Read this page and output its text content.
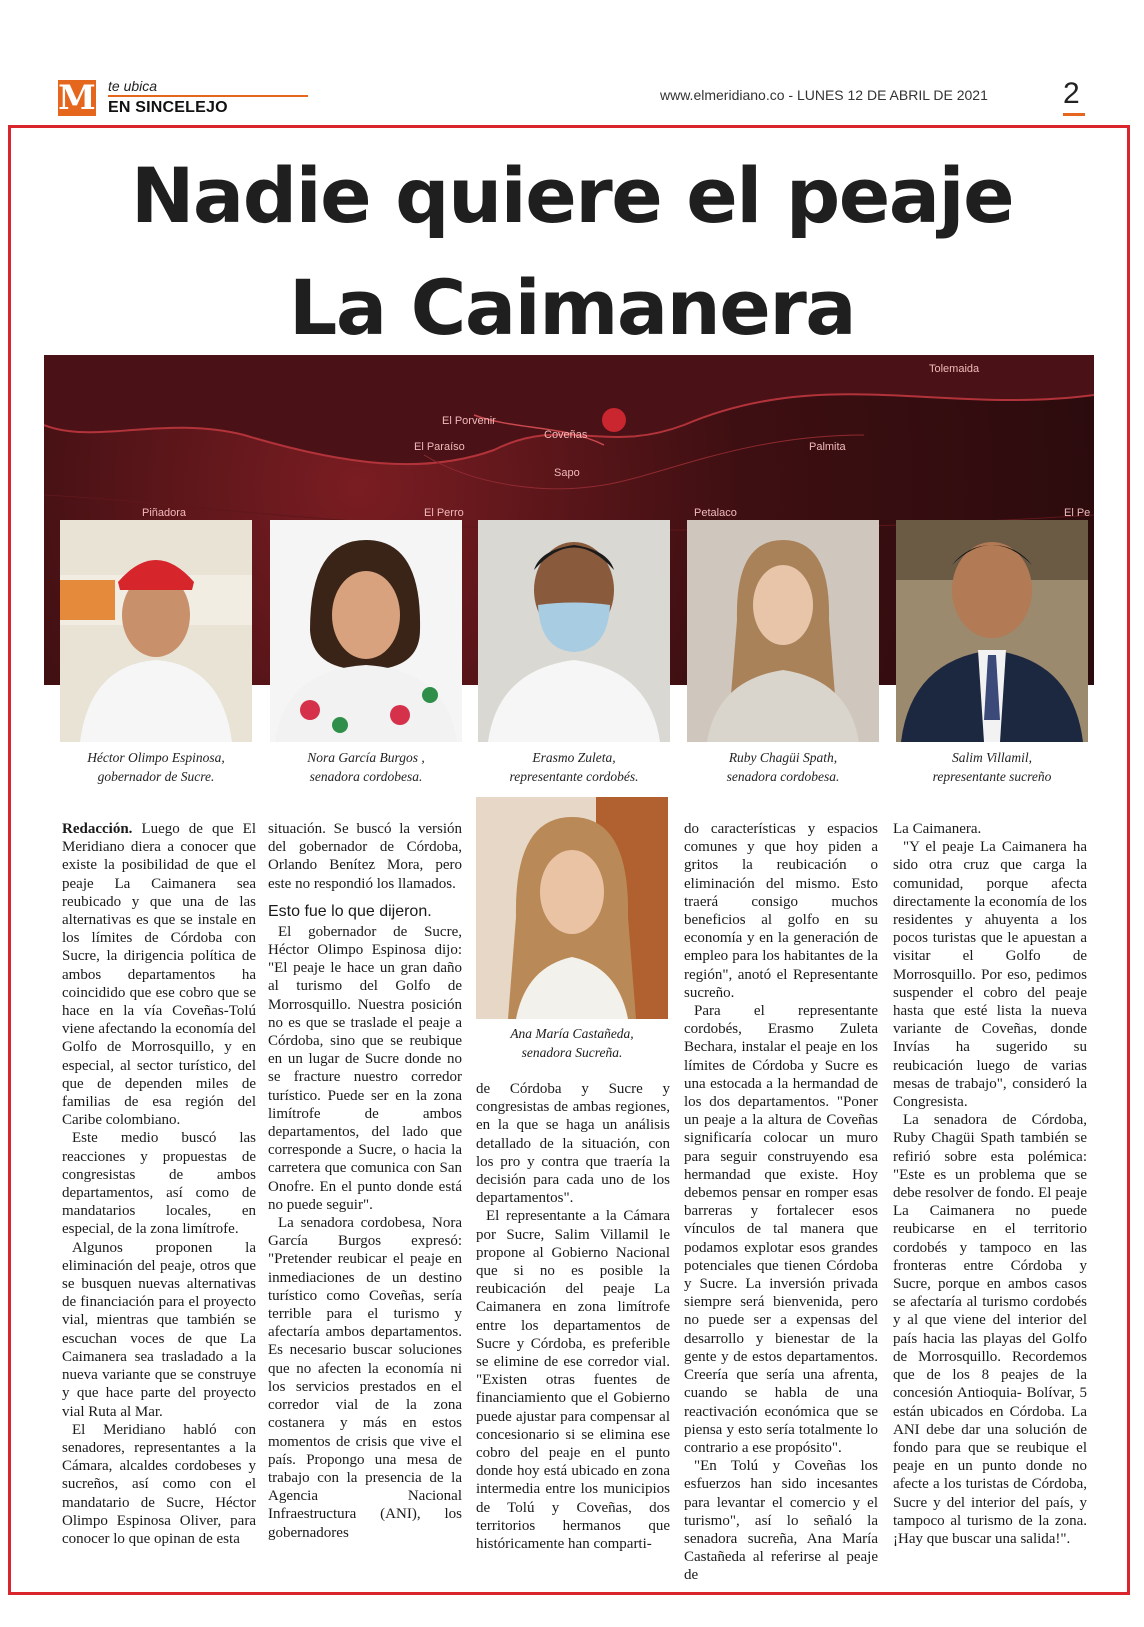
M te ubica
EN SINCELEJO
www.elmeridiano.co - LUNES 12 DE ABRIL DE 2021	2
Nadie quiere el peaje
La Caimanera
Tolemaida
El Porvenir
El Paraíso
Coveñas
Sapo
Palmita
Piñadora	El Perro	Petalaco	El Pe
Héctor Olimpo Espinosa,
gobernador de Sucre.
Nora García Burgos ,
senadora cordobesa.
Erasmo Zuleta,
representante cordobés.
Ruby Chagüi Spath,
senadora cordobesa.
Salim Villamil,
representante sucreño
Ana María Castañeda,
senadora Sucreña.

Redacción. Luego de que El Meridiano diera a conocer que existe la posibilidad de que el peaje La Caimanera sea reubicado y que una de las alternativas es que se instale en los límites de Córdoba con Sucre, la dirigencia política de ambos departamentos ha coincidido que ese cobro que se hace en la vía Coveñas-Tolú viene afectando la economía del Golfo de Morrosquillo, y en especial, al sector turístico, del que de dependen miles de familias de esa región del Caribe colombiano.

Este medio buscó las reacciones y propuestas de congresistas de ambos departamentos, así como de mandatarios locales, en especial, de la zona limítrofe.

Algunos proponen la eliminación del peaje, otros que se busquen nuevas alternativas de financiación para el proyecto vial, mientras que también se escuchan voces de que La Caimanera sea trasladado a la nueva variante que se construye y que hace parte del proyecto vial Ruta al Mar.

El Meridiano habló con senadores, representantes a la Cámara, alcaldes cordobeses y sucreños, así como con el mandatario de Sucre, Héctor Olimpo Espinosa Oliver, para conocer lo que opinan de esta

situación. Se buscó la versión del gobernador de Córdoba, Orlando Benítez Mora, pero este no respondió los llamados.

Esto fue lo que dijeron.

El gobernador de Sucre, Héctor Olimpo Espinosa dijo: "El peaje le hace un gran daño al turismo del Golfo de Morrosquillo. Nuestra posición no es que se traslade el peaje a Córdoba, sino que se reubique en un lugar de Sucre donde no se fracture nuestro corredor turístico. Puede ser en la zona limítrofe de ambos departamentos, del lado que corresponde a Sucre, o hacia la carretera que comunica con San Onofre. En el punto donde está no puede seguir".

La senadora cordobesa, Nora García Burgos expresó: "Pretender reubicar el peaje en inmediaciones de un destino turístico como Coveñas, sería terrible para el turismo y afectaría ambos departamentos. Es necesario buscar soluciones que no afecten la economía ni los servicios prestados en el corredor vial de la zona costanera y más en estos momentos de crisis que vive el país. Propongo una mesa de trabajo con la presencia de la Agencia Nacional Infraestructura (ANI), los gobernadores

de Córdoba y Sucre y congresistas de ambas regiones, en la que se haga un análisis detallado de la situación, con los pro y contra que traería la decisión para cada uno de los departamentos".

El representante a la Cámara por Sucre, Salim Villamil le propone al Gobierno Nacional que si no es posible la reubicación del peaje La Caimanera en zona limítrofe entre los departamentos de Sucre y Córdoba, es preferible se elimine de ese corredor vial. "Existen otras fuentes de financiamiento que el Gobierno puede ajustar para compensar al concesionario si se elimina ese cobro del peaje en el punto donde hoy está ubicado en zona intermedia entre los municipios de Tolú y Coveñas, dos territorios hermanos que históricamente han comparti-

do características y espacios comunes y que hoy piden a gritos la reubicación o eliminación del mismo. Esto traerá consigo muchos beneficios al golfo en su economía y en la generación de empleo para los habitantes de la región", anotó el Representante sucreño.

Para el representante cordobés, Erasmo Zuleta Bechara, instalar el peaje en los límites de Córdoba y Sucre es una estocada a la hermandad de los dos departamentos. "Poner un peaje a la altura de Coveñas significaría colocar un muro para seguir construyendo esa hermandad que existe. Hoy debemos pensar en romper esas barreras y fortalecer esos vínculos de tal manera que podamos explotar esos grandes potenciales que tienen Córdoba y Sucre. La inversión privada siempre será bienvenida, pero no puede ser a expensas del desarrollo y bienestar de la gente y de estos departamentos. Creería que sería una afrenta, cuando se habla de una reactivación económica que se piensa y esto sería totalmente lo contrario a ese propósito".

"En Tolú y Coveñas los esfuerzos han sido incesantes para levantar el comercio y el turismo", así lo señaló la senadora sucreña, Ana María Castañeda al referirse al peaje de

La Caimanera.

"Y el peaje La Caimanera ha sido otra cruz que carga la comunidad, porque afecta directamente la economía de los residentes y ahuyenta a los pocos turistas que le apuestan a visitar el Golfo de Morrosquillo. Por eso, pedimos suspender el cobro del peaje hasta que esté lista la nueva variante de Coveñas, donde Invías ha sugerido su reubicación luego de varias mesas de trabajo", consideró la Congresista.

La senadora de Córdoba, Ruby Chagüi Spath también se refirió sobre esta polémica: "Este es un problema que se debe resolver de fondo. El peaje La Caimanera no puede reubicarse en el territorio cordobés y tampoco en las fronteras entre Córdoba y Sucre, porque en ambos casos se afectaría al turismo cordobés y al que viene del interior del país hacia las playas del Golfo de Morrosquillo. Recordemos que de los 8 peajes de la concesión Antioquia- Bolívar, 5 están ubicados en Córdoba. La ANI debe dar una solución de fondo para que se reubique el peaje en un punto donde no afecte a los turistas de Córdoba, Sucre y del interior del país, y tampoco al turismo de la zona. ¡Hay que buscar una salida!".
